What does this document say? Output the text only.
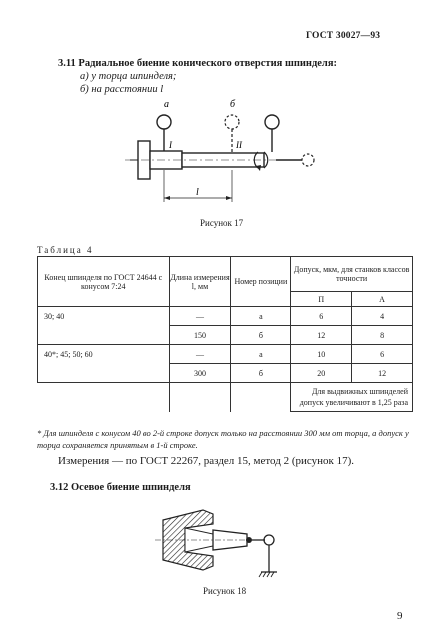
ГОСТ 30027—93
3.11 Радиальное биение конического отверстия шпинделя:
а) у торца шпинделя;
б) на расстоянии l
а	б
I	II
l
Рисунок 17
Таблица 4
Конец шпинделя по ГОСТ 24644 с конусом 7:24	Длина измерения l, мм	Номер позиции	Допуск, мкм, для станков классов точности	
			П	А
30; 40	—	а	6	4
	150	б	12	8
40*; 45; 50; 60	—	а	10	6
	300	б	20	12
			Для выдвижных шпинделей допуск увеличивают в 1,25 раза	
* Для шпинделя с конусом 40 во 2-й строке допуск только на расстоянии 300 мм от торца, а допуск у торца сохраняется принятым в 1-й строке.
Измерения — по ГОСТ 22267, раздел 15, метод 2 (рисунок 17).
3.12 Осевое биение шпинделя
Рисунок 18
9
